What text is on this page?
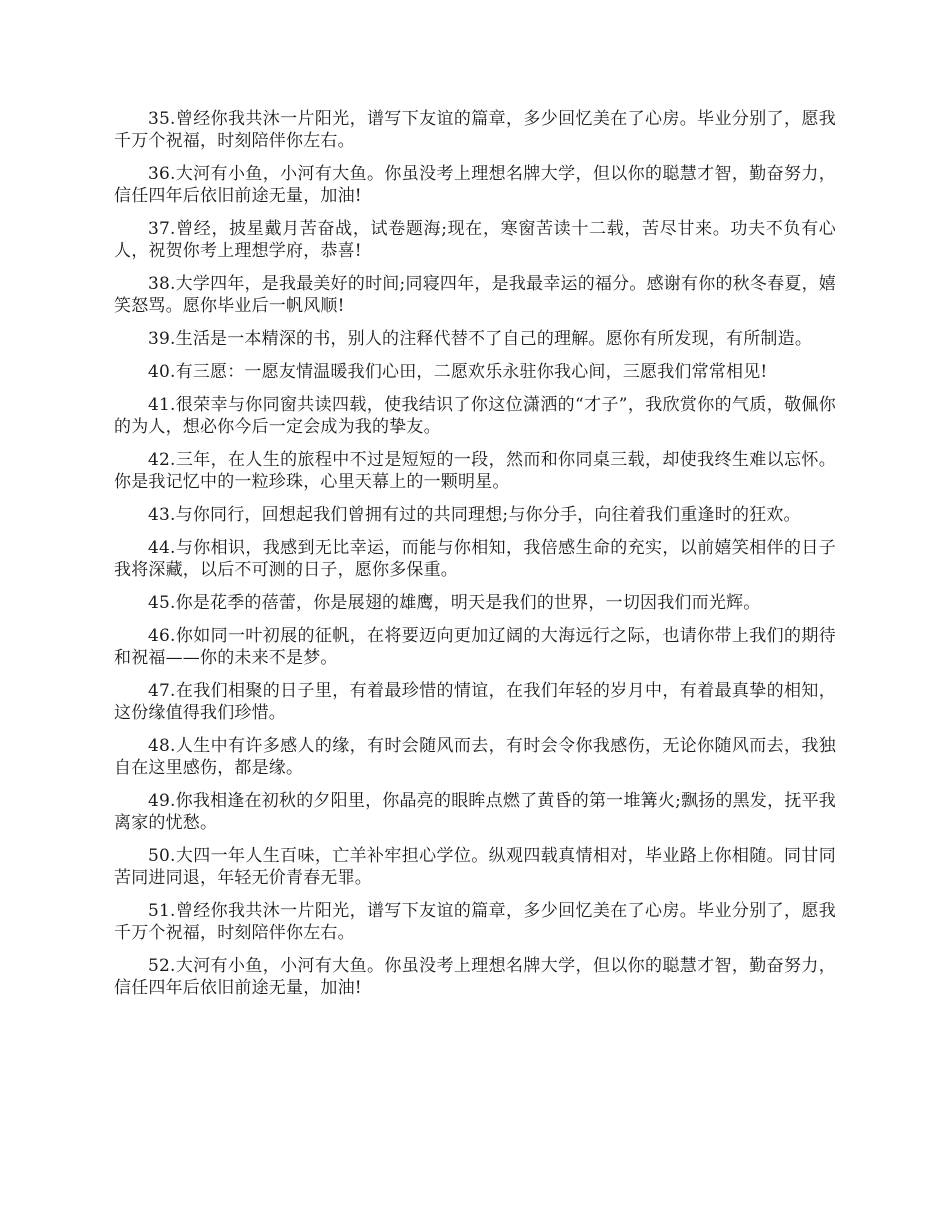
35.曾经你我共沐一片阳光，谱写下友谊的篇章，多少回忆美在了心房。毕业分别了，愿我千万个祝福，时刻陪伴你左右。

36.大河有小鱼，小河有大鱼。你虽没考上理想名牌大学，但以你的聪慧才智，勤奋努力，信任四年后依旧前途无量，加油!

37.曾经，披星戴月苦奋战，试卷题海;现在，寒窗苦读十二载，苦尽甘来。功夫不负有心人，祝贺你考上理想学府，恭喜!

38.大学四年，是我最美好的时间;同寝四年，是我最幸运的福分。感谢有你的秋冬春夏，嬉笑怒骂。愿你毕业后一帆风顺!

39.生活是一本精深的书，别人的注释代替不了自己的理解。愿你有所发现，有所制造。

40.有三愿：一愿友情温暖我们心田，二愿欢乐永驻你我心间，三愿我们常常相见!

41.很荣幸与你同窗共读四载，使我结识了你这位潇洒的“才子”，我欣赏你的气质，敬佩你的为人，想必你今后一定会成为我的挚友。

42.三年，在人生的旅程中不过是短短的一段，然而和你同桌三载，却使我终生难以忘怀。你是我记忆中的一粒珍珠，心里天幕上的一颗明星。

43.与你同行，回想起我们曾拥有过的共同理想;与你分手，向往着我们重逢时的狂欢。

44.与你相识，我感到无比幸运，而能与你相知，我倍感生命的充实，以前嬉笑相伴的日子我将深藏，以后不可测的日子，愿你多保重。

45.你是花季的蓓蕾，你是展翅的雄鹰，明天是我们的世界，一切因我们而光辉。

46.你如同一叶初展的征帆，在将要迈向更加辽阔的大海远行之际，也请你带上我们的期待和祝福——你的未来不是梦。

47.在我们相聚的日子里，有着最珍惜的情谊，在我们年轻的岁月中，有着最真挚的相知，这份缘值得我们珍惜。

48.人生中有许多感人的缘，有时会随风而去，有时会令你我感伤，无论你随风而去，我独自在这里感伤，都是缘。

49.你我相逢在初秋的夕阳里，你晶亮的眼眸点燃了黄昏的第一堆篝火;飘扬的黑发，抚平我离家的忧愁。

50.大四一年人生百味，亡羊补牢担心学位。纵观四载真情相对，毕业路上你相随。同甘同苦同进同退，年轻无价青春无罪。

51.曾经你我共沐一片阳光，谱写下友谊的篇章，多少回忆美在了心房。毕业分别了，愿我千万个祝福，时刻陪伴你左右。

52.大河有小鱼，小河有大鱼。你虽没考上理想名牌大学，但以你的聪慧才智，勤奋努力，信任四年后依旧前途无量，加油!
